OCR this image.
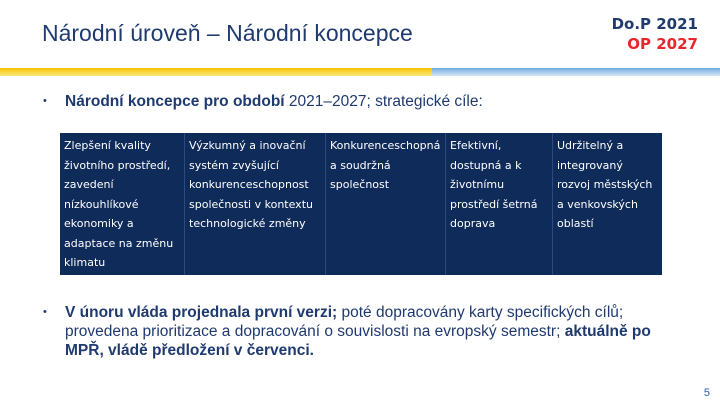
Národní úroveň – Národní koncepce	Do.P 2021
OP 2027
• Národní koncepce pro období 2021–2027; strategické cíle:
Zlepšení kvality životního prostředí, zavedení nízkouhlíkové ekonomiky a adaptace na změnu klimatu
Výzkumný a inovační systém zvyšující konkurenceschopnost společnosti v kontextu technologické změny
Konkurenceschopná a soudržná společnost
Efektivní, dostupná a k životnímu prostředí šetrná doprava
Udržitelný a integrovaný rozvoj městských a venkovských oblastí
• V únoru vláda projednala první verzi; poté dopracovány karty specifických cílů; provedena prioritizace a dopracování o souvislosti na evropský semestr; aktuálně po MPŘ, vládě předložení v červenci.
5
